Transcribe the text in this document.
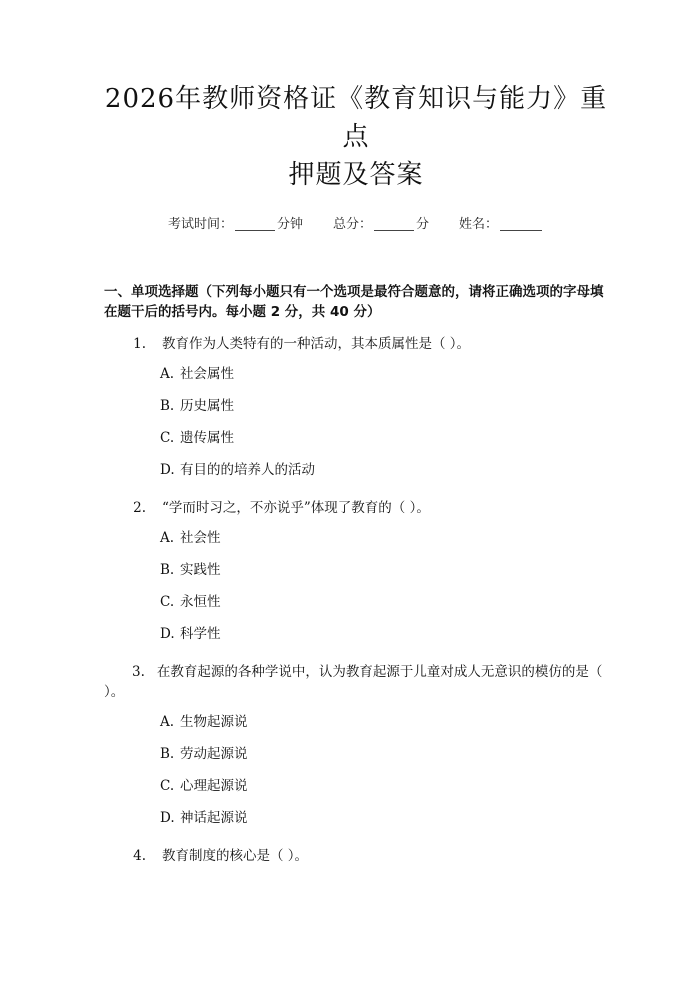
2026年教师资格证《教育知识与能力》重点
押题及答案
考试时间：	分钟 总分：	分 姓名：
一、单项选择题（下列每小题只有一个选项是最符合题意的，请将正确选项的字母填在题干后的括号内。每小题 2 分，共 40 分）
1.	教育作为人类特有的一种活动，其本质属性是（ ）。
A. 社会属性
B. 历史属性
C. 遗传属性
D. 有目的的培养人的活动
2.	“学而时习之，不亦说乎”体现了教育的（ ）。
A. 社会性
B. 实践性
C. 永恒性
D. 科学性
3. 在教育起源的各种学说中，认为教育起源于儿童对成人无意识的模仿的是（ ）。
A. 生物起源说
B. 劳动起源说
C. 心理起源说
D. 神话起源说
4.	教育制度的核心是（ ）。
